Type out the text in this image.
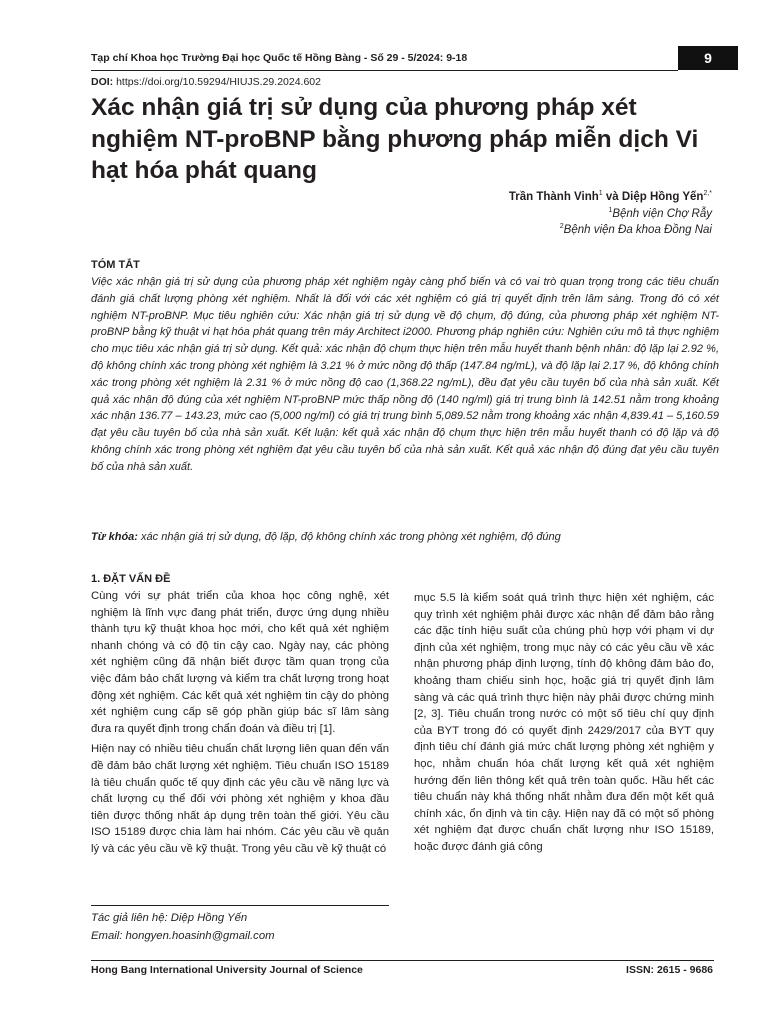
Tạp chí Khoa học Trường Đại học Quốc tế Hồng Bàng - Số 29 - 5/2024: 9-18	9
DOI: https://doi.org/10.59294/HIUJS.29.2024.602
Xác nhận giá trị sử dụng của phương pháp xét nghiệm NT-proBNP bằng phương pháp miễn dịch Vi hạt hóa phát quang
Trần Thành Vinh$^1$ và Diệp Hồng Yến$^{2,*}$
$^1$Bệnh viện Chợ Rẫy
$^2$Bệnh viện Đa khoa Đồng Nai
TÓM TẮT

Việc xác nhận giá trị sử dụng của phương pháp xét nghiệm ngày càng phổ biến và có vai trò quan trọng trong các tiêu chuẩn đánh giá chất lượng phòng xét nghiệm. Nhất là đối với các xét nghiệm có giá trị quyết định trên lâm sàng. Trong đó có xét nghiệm NT-proBNP. Mục tiêu nghiên cứu: Xác nhận giá trị sử dụng về độ chụm, độ đúng, của phương pháp xét nghiệm NT-proBNP bằng kỹ thuật vi hạt hóa phát quang trên máy Architect i2000. Phương pháp nghiên cứu: Nghiên cứu mô tả thực nghiệm cho mục tiêu xác nhận giá trị sử dụng. Kết quả: xác nhận độ chụm thực hiện trên mẫu huyết thanh bệnh nhân: độ lặp lại 2.92 %, độ không chính xác trong phòng xét nghiệm là 3.21 % ở mức nồng độ thấp (147.84 ng/mL), và độ lặp lại 2.17 %, độ không chính xác trong phòng xét nghiệm là 2.31 % ở mức nồng độ cao (1,368.22 ng/mL), đều đạt yêu cầu tuyên bố của nhà sản xuất. Kết quả xác nhận độ đúng của xét nghiệm NT-proBNP mức thấp nồng độ (140 ng/ml) giá trị trung bình là 142.51 nằm trong khoảng xác nhận 136.77 – 143.23, mức cao (5,000 ng/ml) có giá trị trung bình 5,089.52 nằm trong khoảng xác nhận 4,839.41 – 5,160.59 đạt yêu cầu tuyên bố của nhà sản xuất. Kết luận: kết quả xác nhận độ chụm thực hiện trên mẫu huyết thanh có độ lặp và độ không chính xác trong phòng xét nghiệm đạt yêu cầu tuyên bố của nhà sản xuất. Kết quả xác nhận độ đúng đạt yêu cầu tuyên bố của nhà sản xuất.

Từ khóa: xác nhận giá trị sử dụng, độ lặp, độ không chính xác trong phòng xét nghiệm, độ đúng

1. ĐẶT VẤN ĐỀ

Cùng với sự phát triển của khoa học công nghệ, xét nghiệm là lĩnh vực đang phát triển, được ứng dụng nhiều thành tựu kỹ thuật khoa học mới, cho kết quả xét nghiệm nhanh chóng và có độ tin cậy cao. Ngày nay, các phòng xét nghiệm cũng đã nhận biết được tầm quan trọng của việc đảm bảo chất lượng và kiểm tra chất lượng trong hoạt động xét nghiệm. Các kết quả xét nghiệm tin cậy do phòng xét nghiệm cung cấp sẽ góp phần giúp bác sĩ lâm sàng đưa ra quyết định trong chẩn đoán và điều trị [1].

Hiện nay có nhiều tiêu chuẩn chất lượng liên quan đến vấn đề đảm bảo chất lượng xét nghiệm. Tiêu chuẩn ISO 15189 là tiêu chuẩn quốc tế quy định các yêu cầu về năng lực và chất lượng cụ thể đối với phòng xét nghiệm y khoa đầu tiên được thống nhất áp dụng trên toàn thế giới. Yêu cầu ISO 15189 được chia làm hai nhóm. Các yêu cầu về quản lý và các yêu cầu về kỹ thuật. Trong yêu cầu về kỹ thuật có

mục 5.5 là kiểm soát quá trình thực hiện xét nghiệm, các quy trình xét nghiệm phải được xác nhận để đảm bảo rằng các đặc tính hiệu suất của chúng phù hợp với phạm vi dự định của xét nghiệm, trong mục này có các yêu cầu về xác nhận phương pháp định lượng, tính độ không đảm bảo đo, khoảng tham chiếu sinh học, hoặc giá trị quyết định lâm sàng và các quá trình thực hiện này phải được chứng minh [2, 3]. Tiêu chuẩn trong nước có một số tiêu chí quy định của BYT trong đó có quyết định 2429/2017 của BYT quy định tiêu chí đánh giá mức chất lượng phòng xét nghiệm y học, nhằm chuẩn hóa chất lượng kết quả xét nghiệm hướng đến liên thông kết quả trên toàn quốc. Hầu hết các tiêu chuẩn này khá thống nhất nhằm đưa đến một kết quả chính xác, ổn định và tin cậy. Hiện nay đã có một số phòng xét nghiệm đạt được chuẩn chất lượng như ISO 15189, hoặc được đánh giá công

Tác giả liên hệ: Diệp Hồng Yến
Email: hongyen.hoasinh@gmail.com
Hong Bang International University Journal of Science	ISSN: 2615 - 9686
